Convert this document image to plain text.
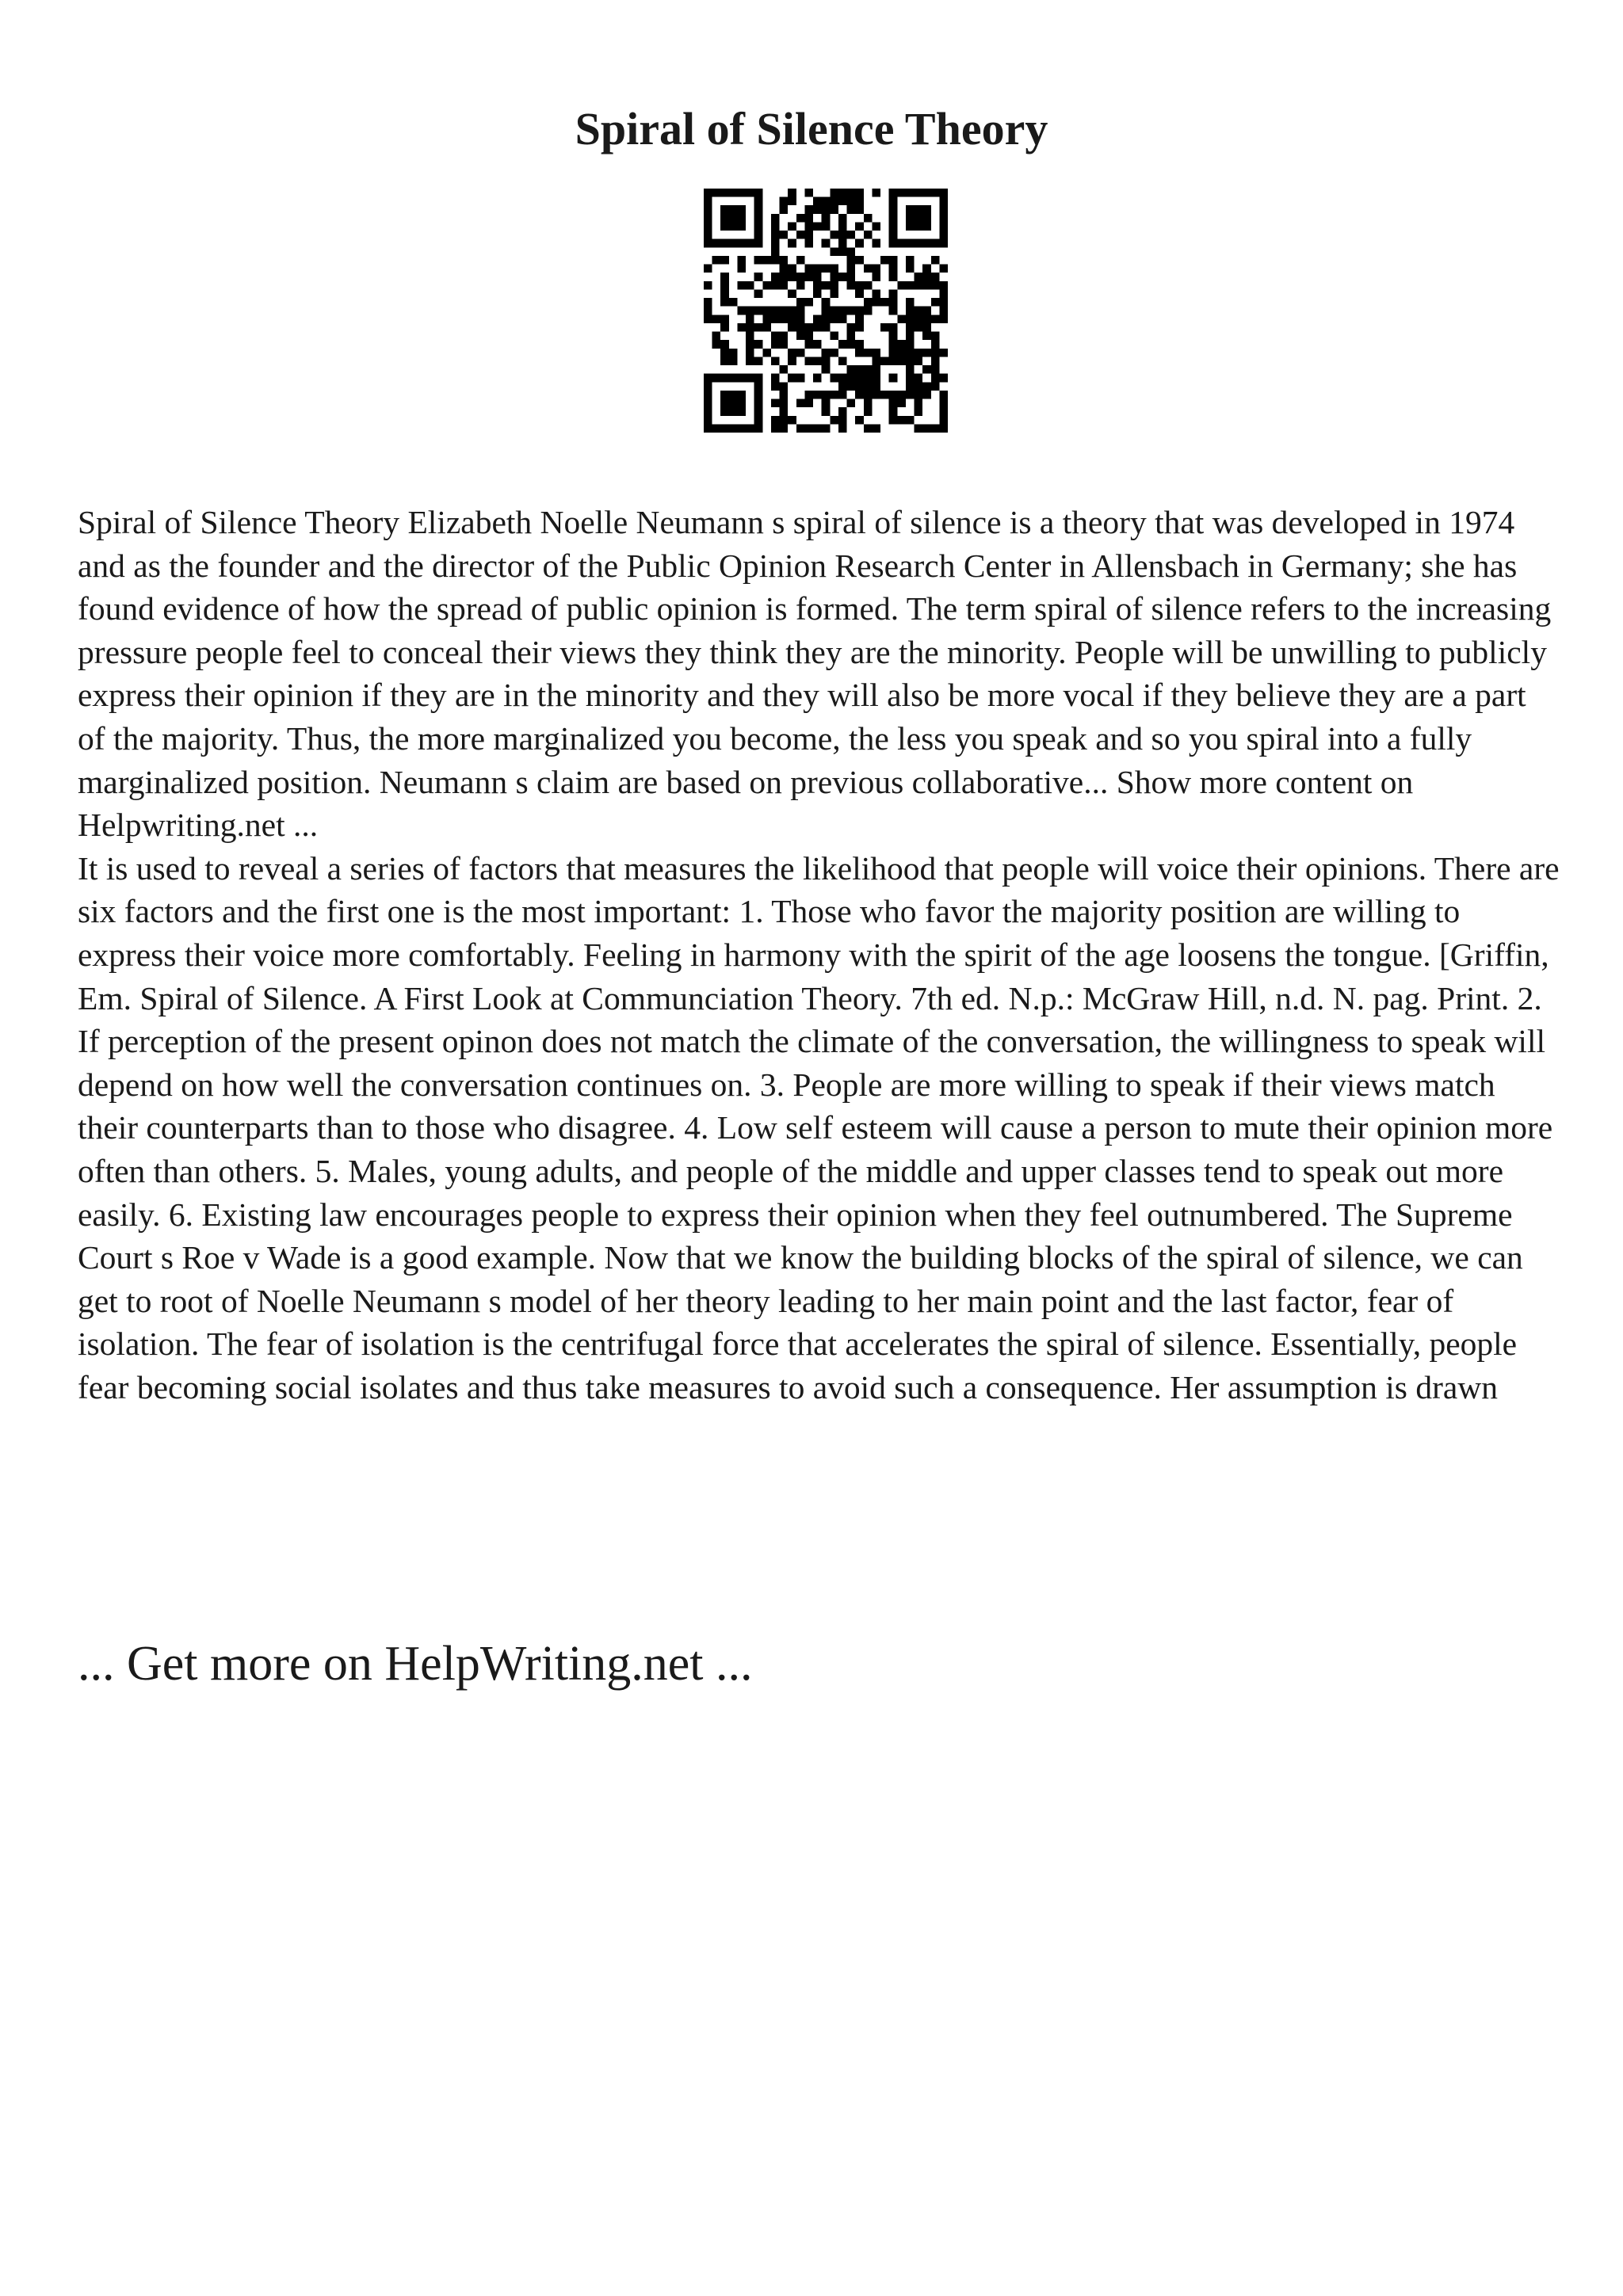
Spiral of Silence Theory

Spiral of Silence Theory Elizabeth Noelle Neumann s spiral of silence is a theory that was developed in 1974 and as the founder and the director of the Public Opinion Research Center in Allensbach in Germany; she has found evidence of how the spread of public opinion is formed. The term spiral of silence refers to the increasing pressure people feel to conceal their views they think they are the minority. People will be unwilling to publicly express their opinion if they are in the minority and they will also be more vocal if they believe they are a part of the majority. Thus, the more marginalized you become, the less you speak and so you spiral into a fully marginalized position. Neumann s claim are based on previous collaborative... Show more content on Helpwriting.net ...

It is used to reveal a series of factors that measures the likelihood that people will voice their opinions. There are six factors and the first one is the most important: 1. Those who favor the majority position are willing to express their voice more comfortably. Feeling in harmony with the spirit of the age loosens the tongue. [Griffin, Em. Spiral of Silence. A First Look at Communciation Theory. 7th ed. N.p.: McGraw Hill, n.d. N. pag. Print. 2. If perception of the present opinon does not match the climate of the conversation, the willingness to speak will depend on how well the conversation continues on. 3. People are more willing to speak if their views match their counterparts than to those who disagree. 4. Low self esteem will cause a person to mute their opinion more often than others. 5. Males, young adults, and people of the middle and upper classes tend to speak out more easily. 6. Existing law encourages people to express their opinion when they feel outnumbered. The Supreme Court s Roe v Wade is a good example. Now that we know the building blocks of the spiral of silence, we can get to root of Noelle Neumann s model of her theory leading to her main point and the last factor, fear of isolation. The fear of isolation is the centrifugal force that accelerates the spiral of silence. Essentially, people fear becoming social isolates and thus take measures to avoid such a consequence. Her assumption is drawn

... Get more on HelpWriting.net ...
